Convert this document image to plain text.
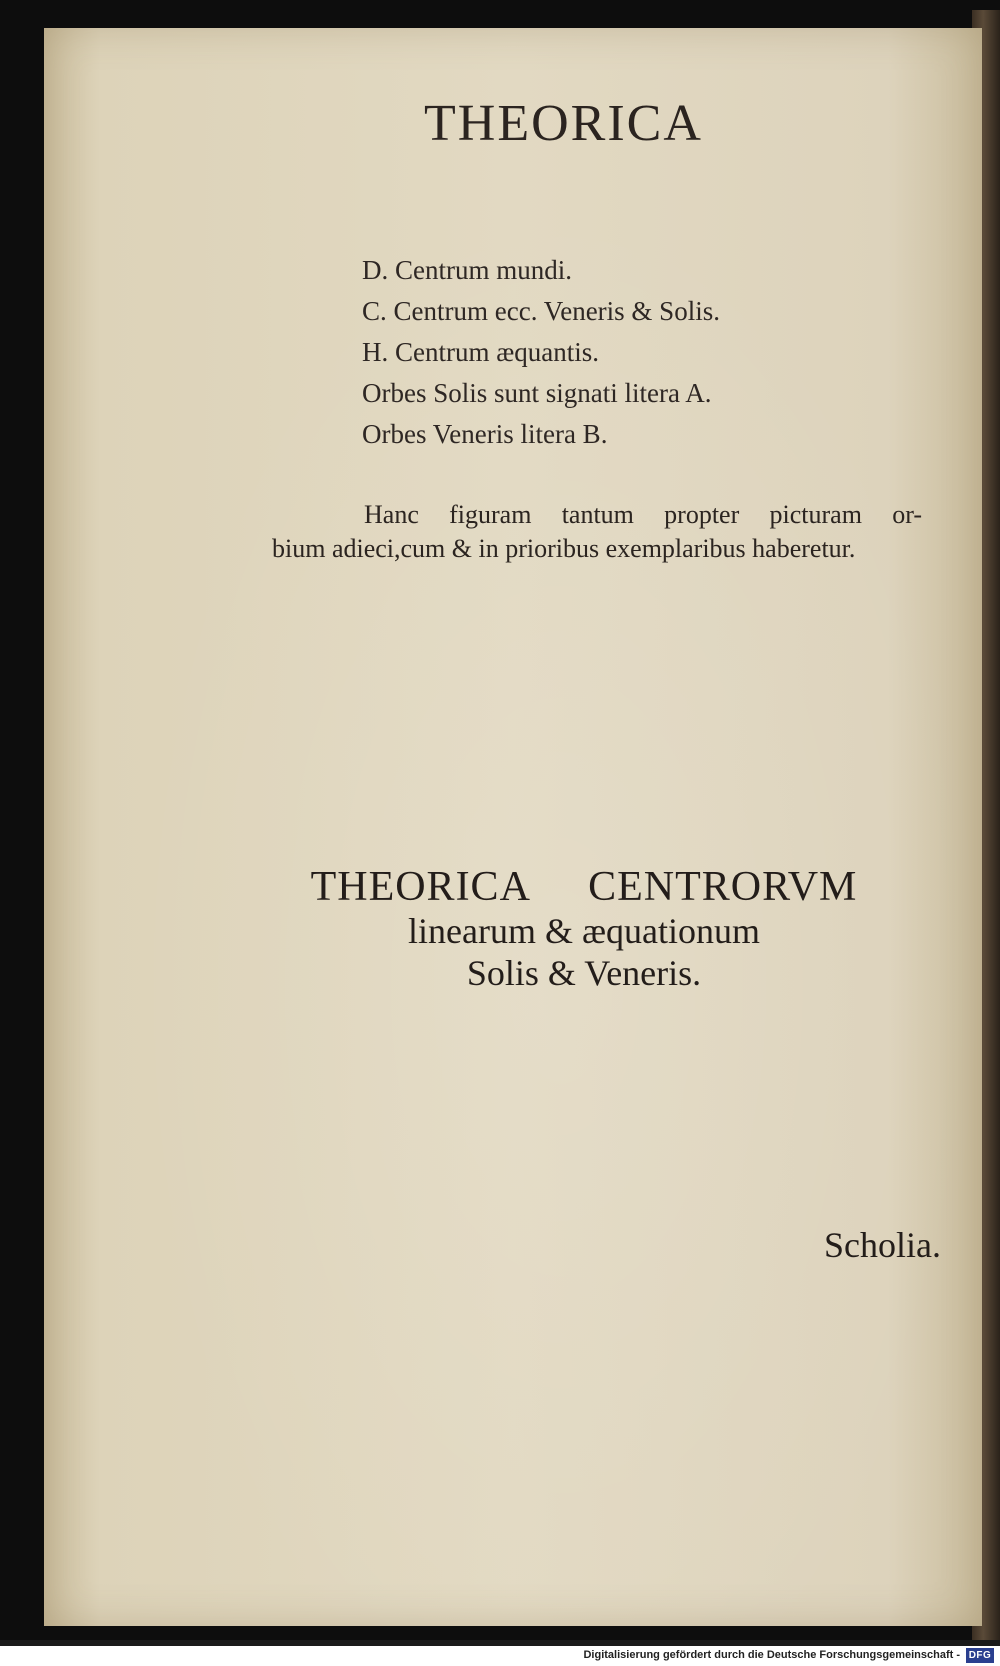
THEORICA
D. Centrum mundi.
C. Centrum ecc. Veneris & Solis.
H. Centrum æquantis.
Orbes Solis sunt signati litera A.
Orbes Veneris litera B.
Hanc figuram tantum propter picturam or-
bium adieci,cum & in prioribus exemplaribus haberetur.
THEORICA CENTRORVM
linearum & æquationum
Solis & Veneris.
Scholia.
Digitalisierung gefördert durch die Deutsche Forschungsgemeinschaft - DFG
